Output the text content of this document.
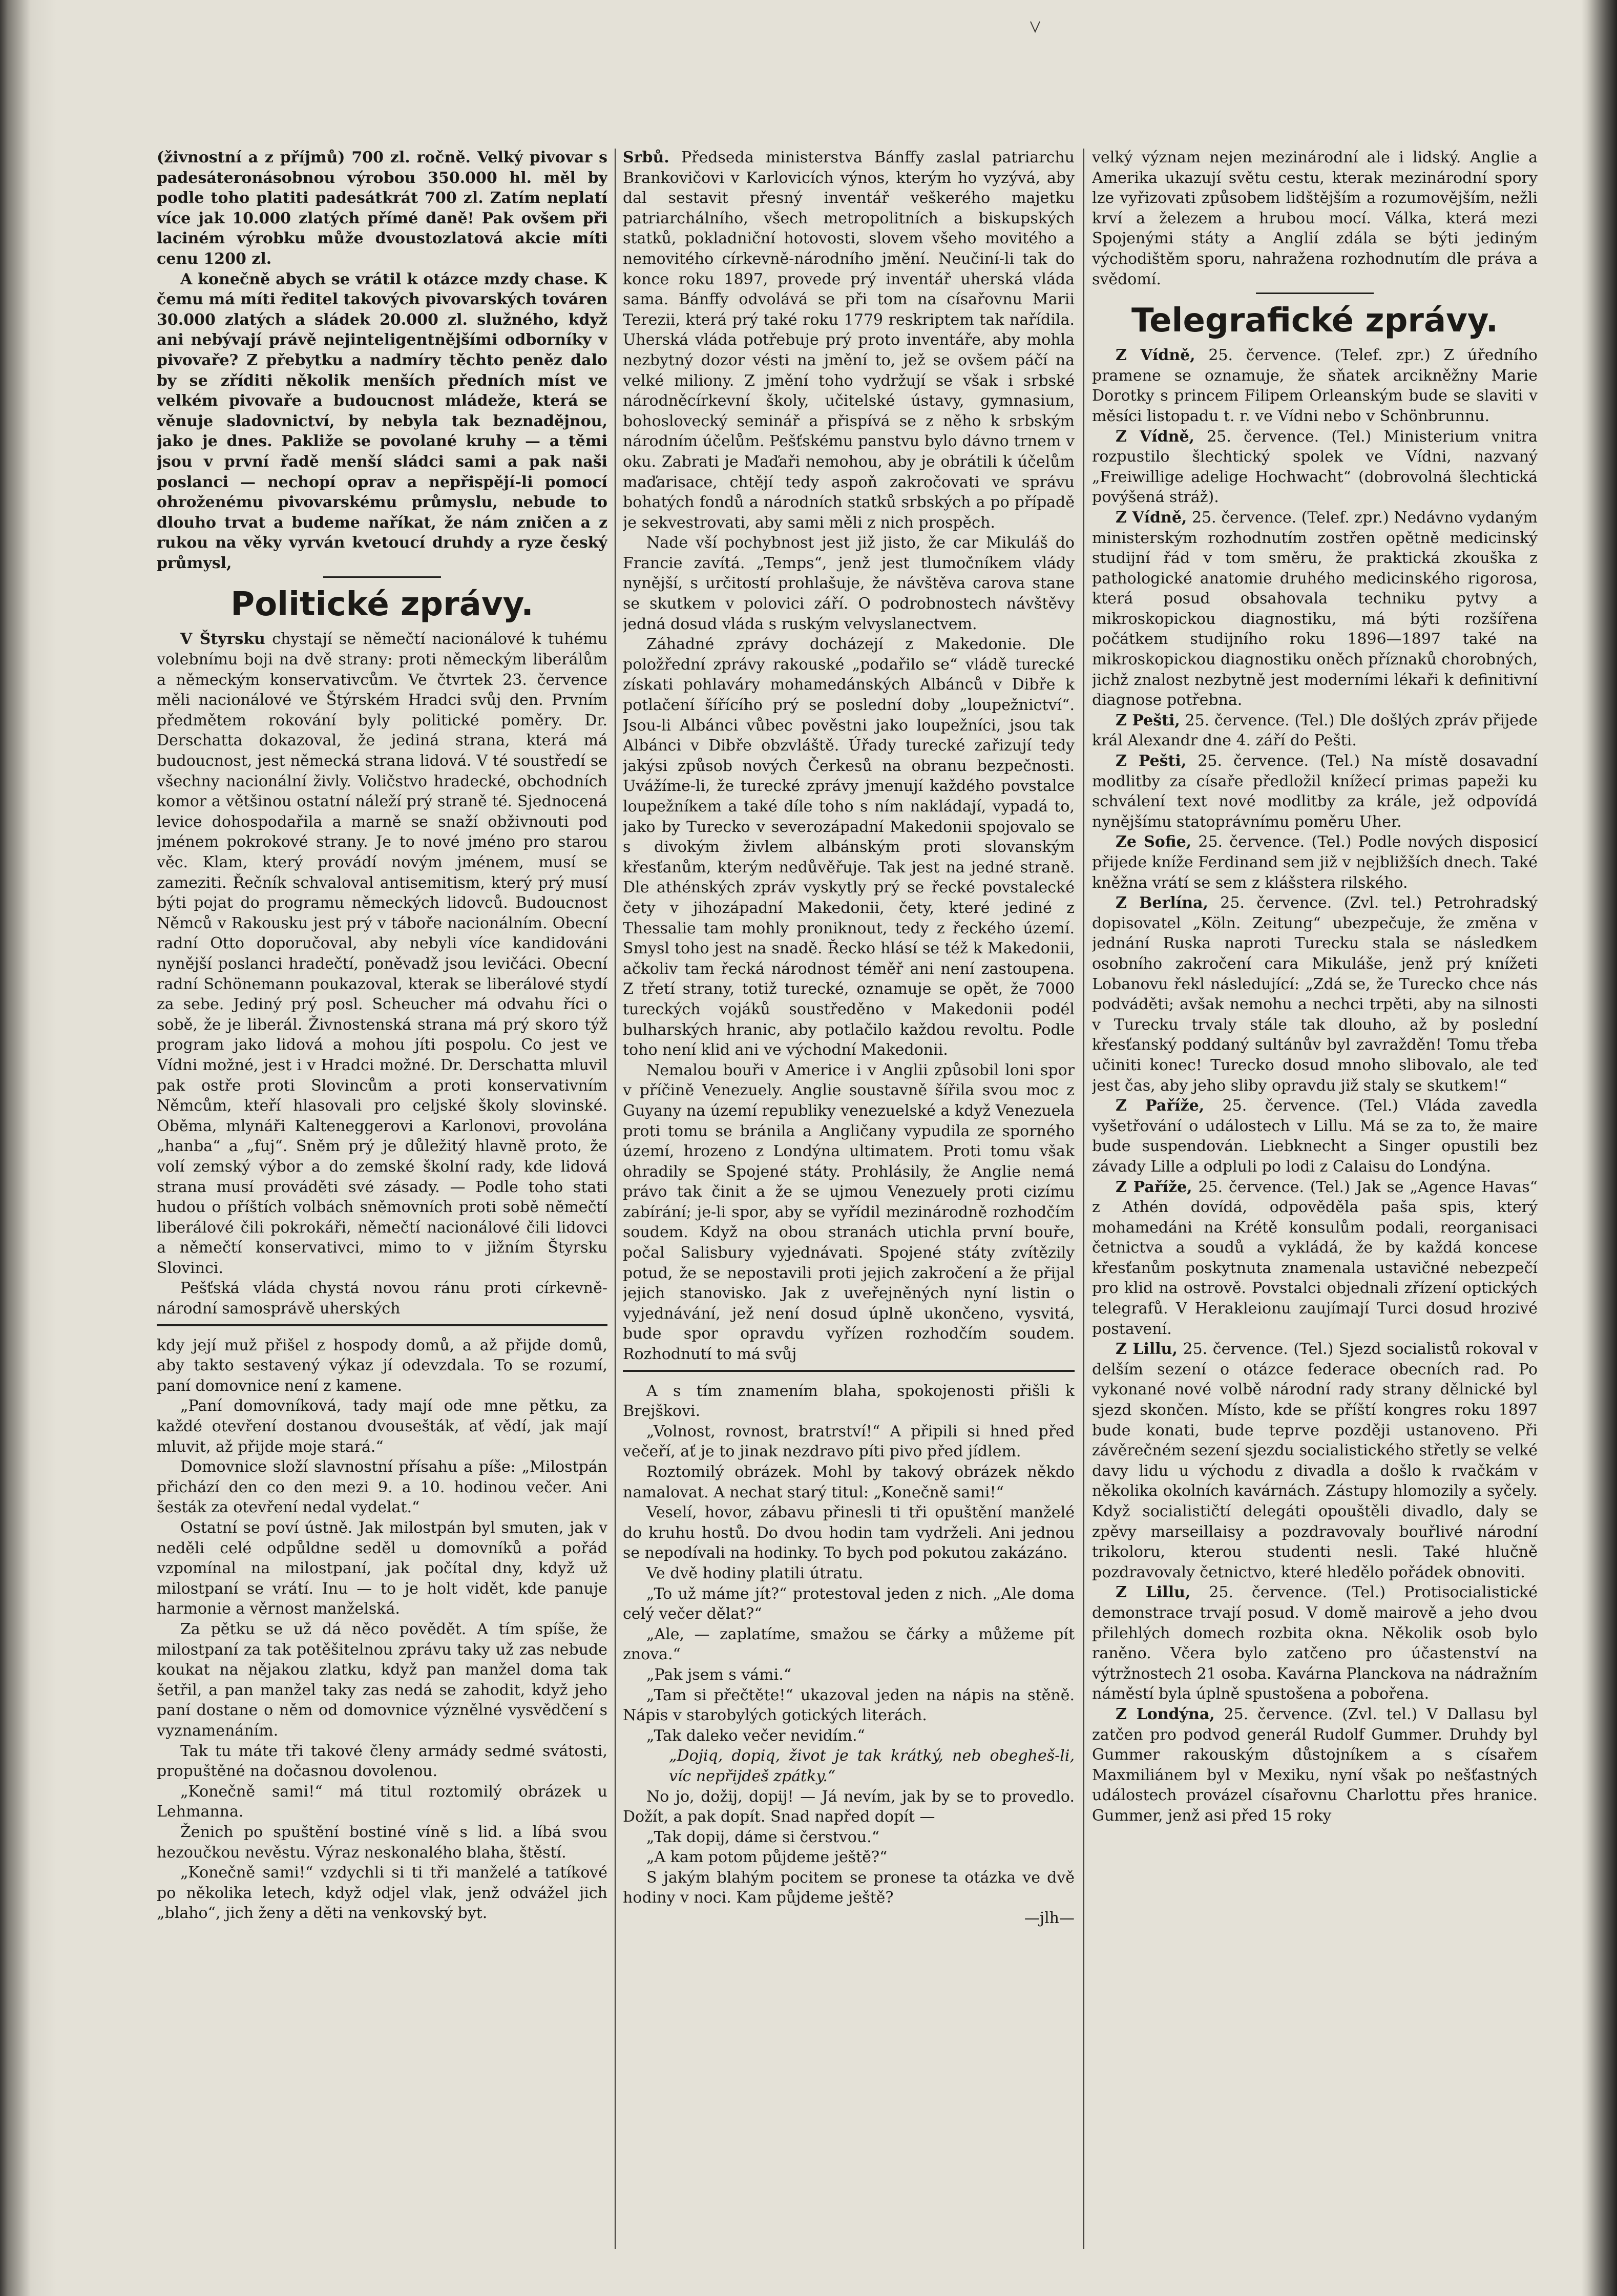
(živnostní a z příjmů) 700 zl. ročně. Velký pivovar s padesáteronásobnou výrobou 350.000 hl. měl by podle toho platiti padesátkrát 700 zl. Zatím neplatí více jak 10.000 zlatých přímé daně! Pak ovšem při laciném výrobku může dvoustozlatová akcie míti cenu 1200 zl.

A konečně abych se vrátil k otázce mzdy chase. K čemu má míti ředitel takových pivovarských továren 30.000 zlatých a sládek 20.000 zl. služného, když ani nebývají právě nejinteligentnějšími odborníky v pivovaře? Z přebytku a nadmíry těchto peněz dalo by se zříditi několik menších předních míst ve velkém pivovaře a budoucnost mládeže, která se věnuje sladovnictví, by nebyla tak beznadějnou, jako je dnes. Pakliže se povolané kruhy — a těmi jsou v první řadě menší sládci sami a pak naši poslanci — nechopí oprav a nepřispějí-li pomocí ohroženému pivovarskému průmyslu, nebude to dlouho trvat a budeme naříkat, že nám zničen a z rukou na věky vyrván kvetoucí druhdy a ryze český průmysl,

Politické zprávy.

V Štyrsku chystají se němečtí nacionálové k tuhému volebnímu boji na dvě strany: proti německým liberálům a německým konservativcům. Ve čtvrtek 23. července měli nacionálové ve Štýrském Hradci svůj den. Prvním předmětem rokování byly politické poměry. Dr. Derschatta dokazoval, že jediná strana, která má budoucnost, jest německá strana lidová. V té soustředí se všechny nacionální živly. Voličstvo hradecké, obchodních komor a většinou ostatní náleží prý straně té. Sjednocená levice dohospodařila a marně se snaží obživnouti pod jménem pokrokové strany. Je to nové jméno pro starou věc. Klam, který provádí novým jménem, musí se zameziti. Řečník schvaloval antisemitism, který prý musí býti pojat do programu německých lidovců. Budoucnost Němců v Rakousku jest prý v táboře nacionálním. Obecní radní Otto doporučoval, aby nebyli více kandidováni nynější poslanci hradečtí, poněvadž jsou levičáci. Obecní radní Schönemann poukazoval, kterak se liberálové stydí za sebe. Jediný prý posl. Scheucher má odvahu říci o sobě, že je liberál. Živnostenská strana má prý skoro týž program jako lidová a mohou jíti pospolu. Co jest ve Vídni možné, jest i v Hradci možné. Dr. Derschatta mluvil pak ostře proti Slovincům a proti konservativním Němcům, kteří hlasovali pro celjské školy slovinské. Oběma, mlynáři Kalteneggerovi a Karlonovi, provolána „hanba“ a „fuj“. Sněm prý je důležitý hlavně proto, že volí zemský výbor a do zemské školní rady, kde lidová strana musí prováděti své zásady. — Podle toho stati hudou o příštích volbách sněmovních proti sobě němečtí liberálové čili pokrokáři, němečtí nacionálové čili lidovci a němečtí konservativci, mimo to v jižním Štyrsku Slovinci.

Pešťská vláda chystá novou ránu proti církevně-národní samosprávě uherských

kdy její muž přišel z hospody domů, a až přijde domů, aby takto sestavený výkaz jí odevzdala. To se rozumí, paní domovnice není z kamene.

„Paní domovníková, tady mají ode mne pětku, za každé otevření dostanou dvousešták, ať vědí, jak mají mluvit, až přijde moje stará.“

Domovnice složí slavnostní přísahu a píše: „Milostpán přichází den co den mezi 9. a 10. hodinou večer. Ani šesták za otevření nedal vydelat.“

Ostatní se poví ústně. Jak milostpán byl smuten, jak v neděli celé odpůldne seděl u domovníků a pořád vzpomínal na milostpaní, jak počítal dny, když už milostpaní se vrátí. Inu — to je holt vidět, kde panuje harmonie a věrnost manželská.

Za pětku se už dá něco povědět. A tím spíše, že milostpaní za tak potěšitelnou zprávu taky už zas nebude koukat na nějakou zlatku, když pan manžel doma tak šetřil, a pan manžel taky zas nedá se zahodit, když jeho paní dostane o něm od domovnice význělné vysvědčení s vyznamenáním.

Tak tu máte tři takové členy armády sedmé svátosti, propuštěné na dočasnou dovolenou.

„Konečně sami!“ má titul roztomilý obrázek u Lehmanna.

Ženich po spuštění bostiné víně s lid. a líbá svou hezoučkou nevěstu. Výraz neskonalého blaha, štěstí.

„Konečně sami!“ vzdychli si ti tři manželé a tatíkové po několika letech, když odjel vlak, jenž odvážel jich „blaho“, jich ženy a děti na venkovský byt.

Srbů. Předseda ministerstva Bánffy zaslal patriarchu Brankovičovi v Karlovicích výnos, kterým ho vyzývá, aby dal sestavit přesný inventář veškerého majetku patriarchálního, všech metropolitních a biskupských statků, pokladniční hotovosti, slovem všeho movitého a nemovitého církevně-národního jmění. Neučiní-li tak do konce roku 1897, provede prý inventář uherská vláda sama. Bánffy odvolává se při tom na císařovnu Marii Terezii, která prý také roku 1779 reskriptem tak nařídila. Uherská vláda potřebuje prý proto inventáře, aby mohla nezbytný dozor vésti na jmění to, jež se ovšem páčí na velké miliony. Z jmění toho vydržují se však i srbské národněcírkevní školy, učitelské ústavy, gymnasium, bohoslovecký seminář a přispívá se z něho k srbským národním účelům. Pešťskému panstvu bylo dávno trnem v oku. Zabrati je Maďaři nemohou, aby je obrátili k účelům maďarisace, chtějí tedy aspoň zakročovati ve správu bohatých fondů a národních statků srbských a po případě je sekvestrovati, aby sami měli z nich prospěch.

Nade vší pochybnost jest již jisto, že car Mikuláš do Francie zavítá. „Temps“, jenž jest tlumočníkem vlády nynější, s určitostí prohlašuje, že návštěva carova stane se skutkem v polovici září. O podrobnostech návštěvy jedná dosud vláda s ruským velvyslanectvem.

Záhadné zprávy docházejí z Makedonie. Dle položřední zprávy rakouské „podařilo se“ vládě turecké získati pohlaváry mohamedánských Albánců v Dibře k potlačení šířícího prý se poslední doby „loupežnictví“. Jsou-li Albánci vůbec pověstni jako loupežníci, jsou tak Albánci v Dibře obzvláště. Úřady turecké zařizují tedy jakýsi způsob nových Čerkesů na obranu bezpečnosti. Uvážíme-li, že turecké zprávy jmenují každého povstalce loupežníkem a také díle toho s ním nakládají, vypadá to, jako by Turecko v severozápadní Makedonii spojovalo se s divokým živlem albánským proti slovanským křesťanům, kterým nedůvěřuje. Tak jest na jedné straně. Dle athénských zpráv vyskytly prý se řecké povstalecké čety v jihozápadní Makedonii, čety, které jediné z Thessalie tam mohly proniknout, tedy z řeckého území. Smysl toho jest na snadě. Řecko hlásí se též k Makedonii, ačkoliv tam řecká národnost téměř ani není zastoupena. Z třetí strany, totiž turecké, oznamuje se opět, že 7000 tureckých vojáků soustředěno v Makedonii podél bulharských hranic, aby potlačilo každou revoltu. Podle toho není klid ani ve východní Makedonii.

Nemalou bouři v Americe i v Anglii způsobil loni spor v příčině Venezuely. Anglie soustavně šířila svou moc z Guyany na území republiky venezuelské a když Venezuela proti tomu se bránila a Angličany vypudila ze sporného území, hrozeno z Londýna ultimatem. Proti tomu však ohradily se Spojené státy. Prohlásily, že Anglie nemá právo tak činit a že se ujmou Venezuely proti cizímu zabírání; je-li spor, aby se vyřídil mezinárodně rozhodčím soudem. Když na obou stranách utichla první bouře, počal Salisbury vyjednávati. Spojené státy zvítězily potud, že se nepostavili proti jejich zakročení a že přijal jejich stanovisko. Jak z uveřejněných nyní listin o vyjednávání, jež není dosud úplně ukončeno, vysvitá, bude spor opravdu vyřízen rozhodčím soudem. Rozhodnutí to má svůj

A s tím znamením blaha, spokojenosti přišli k Brejškovi.

„Volnost, rovnost, bratrství!“ A připili si hned před večeří, ať je to jinak nezdravo píti pivo před jídlem.

Roztomilý obrázek. Mohl by takový obrázek někdo namalovat. A nechat starý titul: „Konečně sami!“

Veselí, hovor, zábavu přinesli ti tři opuštění manželé do kruhu hostů. Do dvou hodin tam vydrželi. Ani jednou se nepodívali na hodinky. To bych pod pokutou zakázáno.

Ve dvě hodiny platili útratu.

„To už máme jít?“ protestoval jeden z nich. „Ale doma celý večer dělat?“

„Ale, — zaplatíme, smažou se čárky a můžeme pít znova.“

„Pak jsem s vámi.“

„Tam si přečtěte!“ ukazoval jeden na nápis na stěně. Nápis v starobylých gotických literách.

„Tak daleko večer nevidím.“

„Dojiq, dopiq, život je tak krátký, neb obegheš-li, víc nepřijdeš zpátky.“

No jo, dožij, dopij! — Já nevím, jak by se to provedlo. Dožít, a pak dopít. Snad napřed dopít —

„Tak dopij, dáme si čerstvou.“

„A kam potom půjdeme ještě?“

S jakým blahým pocitem se pronese ta otázka ve dvě hodiny v noci. Kam půjdeme ještě?

—jlh—

velký význam nejen mezinárodní ale i lidský. Anglie a Amerika ukazují světu cestu, kterak mezinárodní spory lze vyřizovati způsobem lidštějším a rozumovějším, nežli krví a železem a hrubou mocí. Válka, která mezi Spojenými státy a Anglií zdála se býti jediným východištěm sporu, nahražena rozhodnutím dle práva a svědomí.

Telegrafické zprávy.

Z Vídně, 25. července. (Telef. zpr.) Z úředního pramene se oznamuje, že sňatek arcikněžny Marie Dorotky s princem Filipem Orleanským bude se slaviti v měsíci listopadu t. r. ve Vídni nebo v Schönbrunnu.

Z Vídně, 25. července. (Tel.) Ministerium vnitra rozpustilo šlechtický spolek ve Vídni, nazvaný „Freiwillige adelige Hochwacht“ (dobrovolná šlechtická povýšená stráž).

Z Vídně, 25. července. (Telef. zpr.) Nedávno vydaným ministerským rozhodnutím zostřen opětně medicinský studijní řád v tom směru, že praktická zkouška z pathologické anatomie druhého medicinského rigorosa, která posud obsahovala techniku pytvy a mikroskopickou diagnostiku, má býti rozšířena počátkem studijního roku 1896—1897 také na mikroskopickou diagnostiku oněch příznaků chorobných, jichž znalost nezbytně jest moderními lékaři k definitivní diagnose potřebna.

Z Pešti, 25. července. (Tel.) Dle došlých zpráv přijede král Alexandr dne 4. září do Pešti.

Z Pešti, 25. července. (Tel.) Na místě dosavadní modlitby za císaře předložil knížecí primas papeži ku schválení text nové modlitby za krále, jež odpovídá nynějšímu statoprávnímu poměru Uher.

Ze Sofie, 25. července. (Tel.) Podle nových disposicí přijede kníže Ferdinand sem již v nejbližších dnech. Také kněžna vrátí se sem z klášstera rilského.

Z Berlína, 25. července. (Zvl. tel.) Petrohradský dopisovatel „Köln. Zeitung“ ubezpečuje, že změna v jednání Ruska naproti Turecku stala se následkem osobního zakročení cara Mikuláše, jenž prý knížeti Lobanovu řekl následující: „Zdá se, že Turecko chce nás podváděti; avšak nemohu a nechci trpěti, aby na silnosti v Turecku trvaly stále tak dlouho, až by poslední křesťanský poddaný sultánův byl zavražděn! Tomu třeba učiniti konec! Turecko dosud mnoho slibovalo, ale teď jest čas, aby jeho sliby opravdu již staly se skutkem!“

Z Paříže, 25. července. (Tel.) Vláda zavedla vyšetřování o událostech v Lillu. Má se za to, že maire bude suspendován. Liebknecht a Singer opustili bez závady Lille a odpluli po lodi z Calaisu do Londýna.

Z Paříže, 25. července. (Tel.) Jak se „Agence Havas“ z Athén dovídá, odpověděla paša spis, který mohamedáni na Krétě konsulům podali, reorganisaci četnictva a soudů a vykládá, že by každá koncese křesťanům poskytnuta znamenala ustavičné nebezpečí pro klid na ostrově. Povstalci objednali zřízení optických telegrafů. V Herakleionu zaujímají Turci dosud hrozivé postavení.

Z Lillu, 25. července. (Tel.) Sjezd socialistů rokoval v delším sezení o otázce federace obecních rad. Po vykonané nové volbě národní rady strany dělnické byl sjezd skončen. Místo, kde se příští kongres roku 1897 bude konati, bude teprve později ustanoveno. Při závěrečném sezení sjezdu socialistického střetly se velké davy lidu u východu z divadla a došlo k rvačkám v několika okolních kavárnách. Zástupy hlomozily a syčely. Když socialističtí delegáti opouštěli divadlo, daly se zpěvy marseillaisy a pozdravovaly bouřlivé národní trikoloru, kterou studenti nesli. Také hlučně pozdravovaly četnictvo, které hledělo pořádek obnoviti.

Z Lillu, 25. července. (Tel.) Protisocialistické demonstrace trvají posud. V domě mairově a jeho dvou přilehlých domech rozbita okna. Několik osob bylo raněno. Včera bylo zatčeno pro účastenství na výtržnostech 21 osoba. Kavárna Planckova na nádražním náměstí byla úplně spustošena a pobořena.

Z Londýna, 25. července. (Zvl. tel.) V Dallasu byl zatčen pro podvod generál Rudolf Gummer. Druhdy byl Gummer rakouským důstojníkem a s císařem Maxmiliánem byl v Mexiku, nyní však po nešťastných událostech provázel císařovnu Charlottu přes hranice. Gummer, jenž asi před 15 roky
